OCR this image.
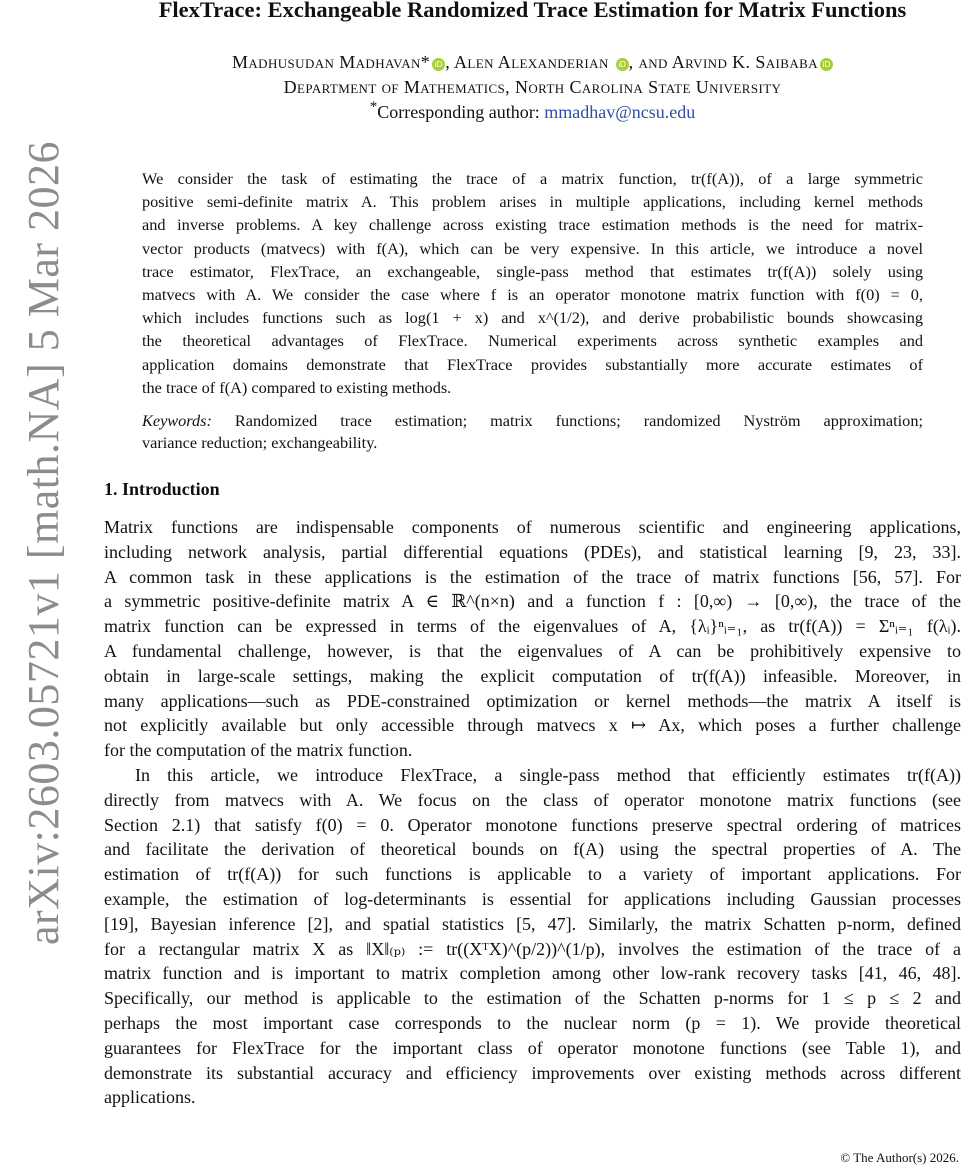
arXiv:2603.05721v1 [math.NA] 5 Mar 2026
FlexTrace: Exchangeable Randomized Trace Estimation for Matrix Functions
Madhusudan Madhavan* iD , Alen Alexanderian iD , and Arvind K. Saibaba iD
Department of Mathematics, North Carolina State University
*Corresponding author: mmadhav@ncsu.edu
We consider the task of estimating the trace of a matrix function, tr(f(A)), of a large symmetric
positive semi-definite matrix A. This problem arises in multiple applications, including kernel methods
and inverse problems. A key challenge across existing trace estimation methods is the need for matrix-
vector products (matvecs) with f(A), which can be very expensive. In this article, we introduce a novel
trace estimator, FlexTrace, an exchangeable, single-pass method that estimates tr(f(A)) solely using
matvecs with A. We consider the case where f is an operator monotone matrix function with f(0) = 0,
which includes functions such as log(1 + x) and x^(1/2), and derive probabilistic bounds showcasing
the theoretical advantages of FlexTrace. Numerical experiments across synthetic examples and
application domains demonstrate that FlexTrace provides substantially more accurate estimates of
the trace of f(A) compared to existing methods.
Keywords: Randomized trace estimation; matrix functions; randomized Nyström approximation;
variance reduction; exchangeability.
1. Introduction
Matrix functions are indispensable components of numerous scientific and engineering applications,
including network analysis, partial differential equations (PDEs), and statistical learning [9, 23, 33].
A common task in these applications is the estimation of the trace of matrix functions [56, 57]. For
a symmetric positive-definite matrix A ∈ ℝ^(n×n) and a function f : [0,∞) → [0,∞), the trace of the
matrix function can be expressed in terms of the eigenvalues of A, {λᵢ}ⁿᵢ₌₁, as tr(f(A)) = Σⁿᵢ₌₁ f(λᵢ).
A fundamental challenge, however, is that the eigenvalues of A can be prohibitively expensive to
obtain in large-scale settings, making the explicit computation of tr(f(A)) infeasible. Moreover, in
many applications—such as PDE-constrained optimization or kernel methods—the matrix A itself is
not explicitly available but only accessible through matvecs x ↦ Ax, which poses a further challenge
for the computation of the matrix function.
In this article, we introduce FlexTrace, a single-pass method that efficiently estimates tr(f(A))
directly from matvecs with A. We focus on the class of operator monotone matrix functions (see
Section 2.1) that satisfy f(0) = 0. Operator monotone functions preserve spectral ordering of matrices
and facilitate the derivation of theoretical bounds on f(A) using the spectral properties of A. The
estimation of tr(f(A)) for such functions is applicable to a variety of important applications. For
example, the estimation of log-determinants is essential for applications including Gaussian processes
[19], Bayesian inference [2], and spatial statistics [5, 47]. Similarly, the matrix Schatten p-norm, defined
for a rectangular matrix X as ‖X‖₍ₚ₎ := tr((XᵀX)^(p/2))^(1/p), involves the estimation of the trace of a
matrix function and is important to matrix completion among other low-rank recovery tasks [41, 46, 48].
Specifically, our method is applicable to the estimation of the Schatten p-norms for 1 ≤ p ≤ 2 and
perhaps the most important case corresponds to the nuclear norm (p = 1). We provide theoretical
guarantees for FlexTrace for the important class of operator monotone functions (see Table 1), and
demonstrate its substantial accuracy and efficiency improvements over existing methods across different
applications.
© The Author(s) 2026.
